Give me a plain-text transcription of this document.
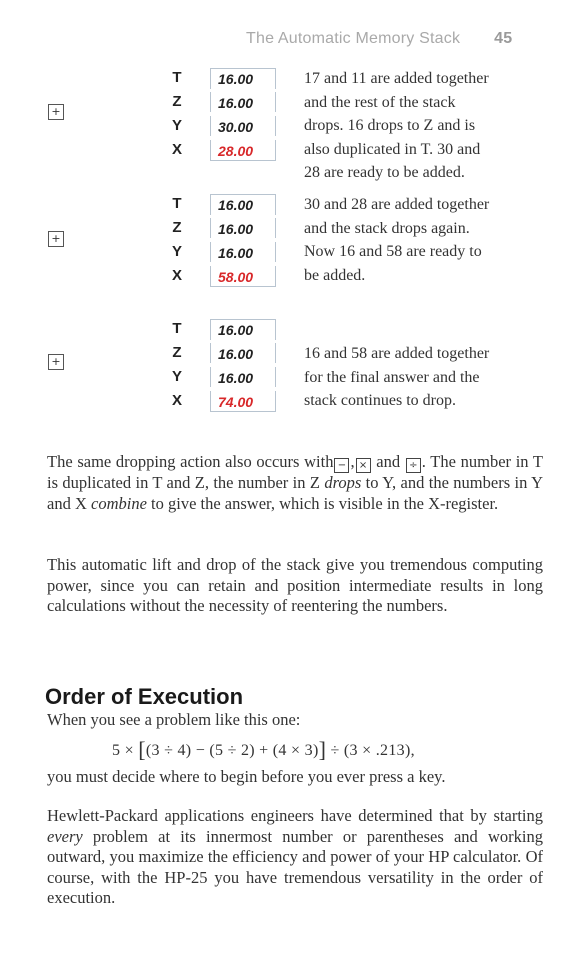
The Automatic Memory Stack 45
+
T
Z
Y
X
16.00
16.00
30.00
28.00
17 and 11 are added together
and the rest of the stack
drops. 16 drops to Z and is
also duplicated in T. 30 and
28 are ready to be added.
+
T
Z
Y
X
16.00
16.00
16.00
58.00
30 and 28 are added together
and the stack drops again.
Now 16 and 58 are ready to
be added.
+
T
Z
Y
X
16.00
16.00
16.00
74.00
16 and 58 are added together
for the final answer and the
stack continues to drop.
The same dropping action also occurs with − , × and ÷ . The number in T is duplicated in T and Z, the number in Z drops to Y, and the numbers in Y and X combine to give the answer, which is visible in the X-register.
This automatic lift and drop of the stack give you tremendous computing power, since you can retain and position intermediate results in long calculations without the necessity of reentering the numbers.
Order of Execution
When you see a problem like this one:
5 × [(3 ÷ 4) − (5 ÷ 2) + (4 × 3)] ÷ (3 × .213),
you must decide where to begin before you ever press a key.
Hewlett-Packard applications engineers have determined that by starting every problem at its innermost number or parentheses and working outward, you maximize the efficiency and power of your HP calculator. Of course, with the HP-25 you have tremendous versatility in the order of execution.
